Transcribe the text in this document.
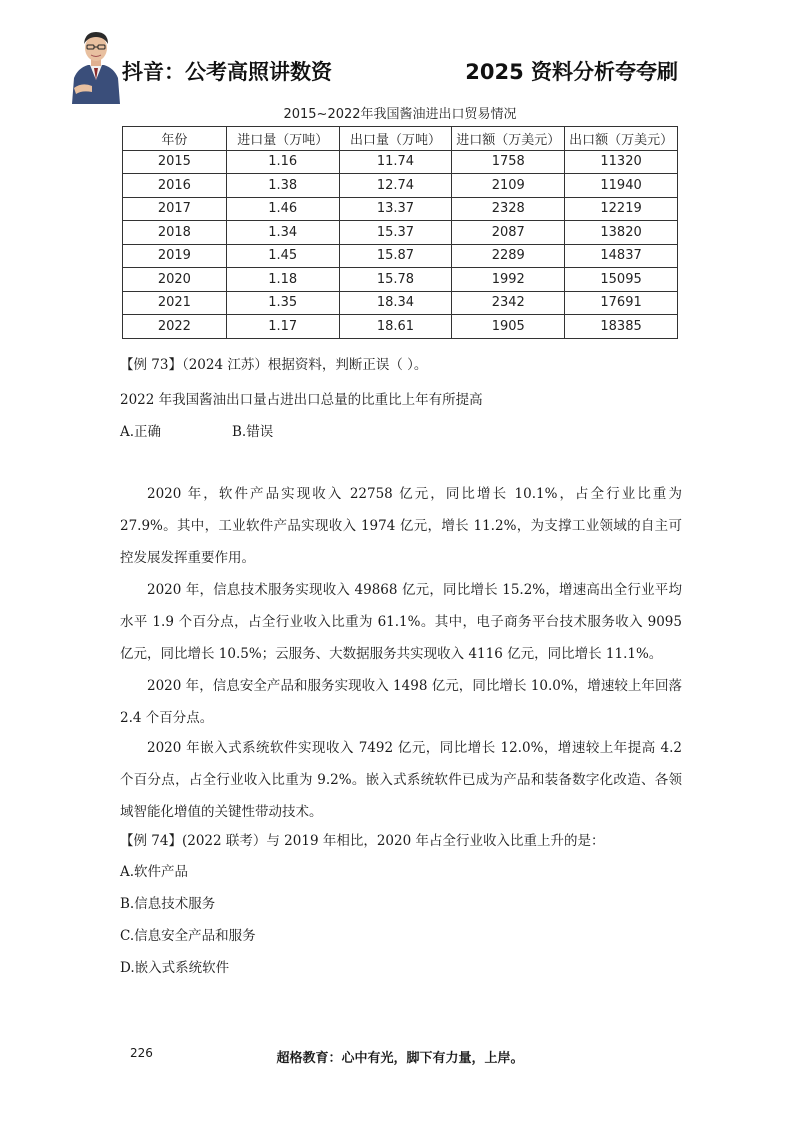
抖音：公考高照讲数资	2025 资料分析夸夸刷
2015~2022年我国酱油进出口贸易情况
年份	进口量（万吨）	出口量（万吨）	进口额（万美元）	出口额（万美元）
2015	1.16	11.74	1758	11320
2016	1.38	12.74	2109	11940
2017	1.46	13.37	2328	12219
2018	1.34	15.37	2087	13820
2019	1.45	15.87	2289	14837
2020	1.18	15.78	1992	15095
2021	1.35	18.34	2342	17691
2022	1.17	18.61	1905	18385
【例 73】（2024 江苏）根据资料，判断正误（ ）。
2022 年我国酱油出口量占进出口总量的比重比上年有所提高
A.正确	B.错误

2020 年，软件产品实现收入 22758 亿元，同比增长 10.1%，占全行业比重为 27.9%。其中，工业软件产品实现收入 1974 亿元，增长 11.2%，为支撑工业领域的自主可控发展发挥重要作用。

2020 年，信息技术服务实现收入 49868 亿元，同比增长 15.2%，增速高出全行业平均水平 1.9 个百分点，占全行业收入比重为 61.1%。其中，电子商务平台技术服务收入 9095 亿元，同比增长 10.5%；云服务、大数据服务共实现收入 4116 亿元，同比增长 11.1%。

2020 年，信息安全产品和服务实现收入 1498 亿元，同比增长 10.0%，增速较上年回落 2.4 个百分点。

2020 年嵌入式系统软件实现收入 7492 亿元，同比增长 12.0%，增速较上年提高 4.2 个百分点，占全行业收入比重为 9.2%。嵌入式系统软件已成为产品和装备数字化改造、各领域智能化增值的关键性带动技术。

【例 74】(2022 联考）与 2019 年相比，2020 年占全行业收入比重上升的是：
A.软件产品
B.信息技术服务
C.信息安全产品和服务
D.嵌入式系统软件
226	超格教育：心中有光，脚下有力量，上岸。
